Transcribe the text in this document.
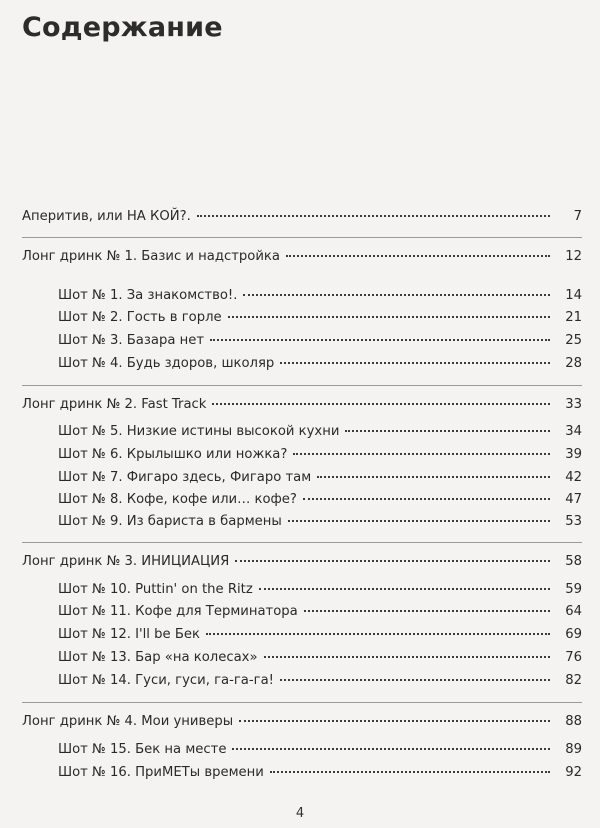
Содержание
Аперитив, или НА КОЙ?.	7
Лонг дринк № 1. Базис и надстройка	12
Шот № 1. За знакомство!.	14
Шот № 2. Гость в горле	21
Шот № 3. Базара нет	25
Шот № 4. Будь здоров, школяр	28
Лонг дринк № 2. Fast Track	33
Шот № 5. Низкие истины высокой кухни	34
Шот № 6. Крылышко или ножка?	39
Шот № 7. Фигаро здесь, Фигаро там	42
Шот № 8. Кофе, кофе или… кофе?	47
Шот № 9. Из бариста в бармены	53
Лонг дринк № 3. ИНИЦИАЦИЯ	58
Шот № 10. Puttin' on the Ritz	59
Шот № 11. Кофе для Терминатора	64
Шот № 12. I'll be Бек	69
Шот № 13. Бар «на колесах»	76
Шот № 14. Гуси, гуси, га-га-га!	82
Лонг дринк № 4. Мои универы	88
Шот № 15. Бек на месте	89
Шот № 16. ПриМЕТы времени	92
4
